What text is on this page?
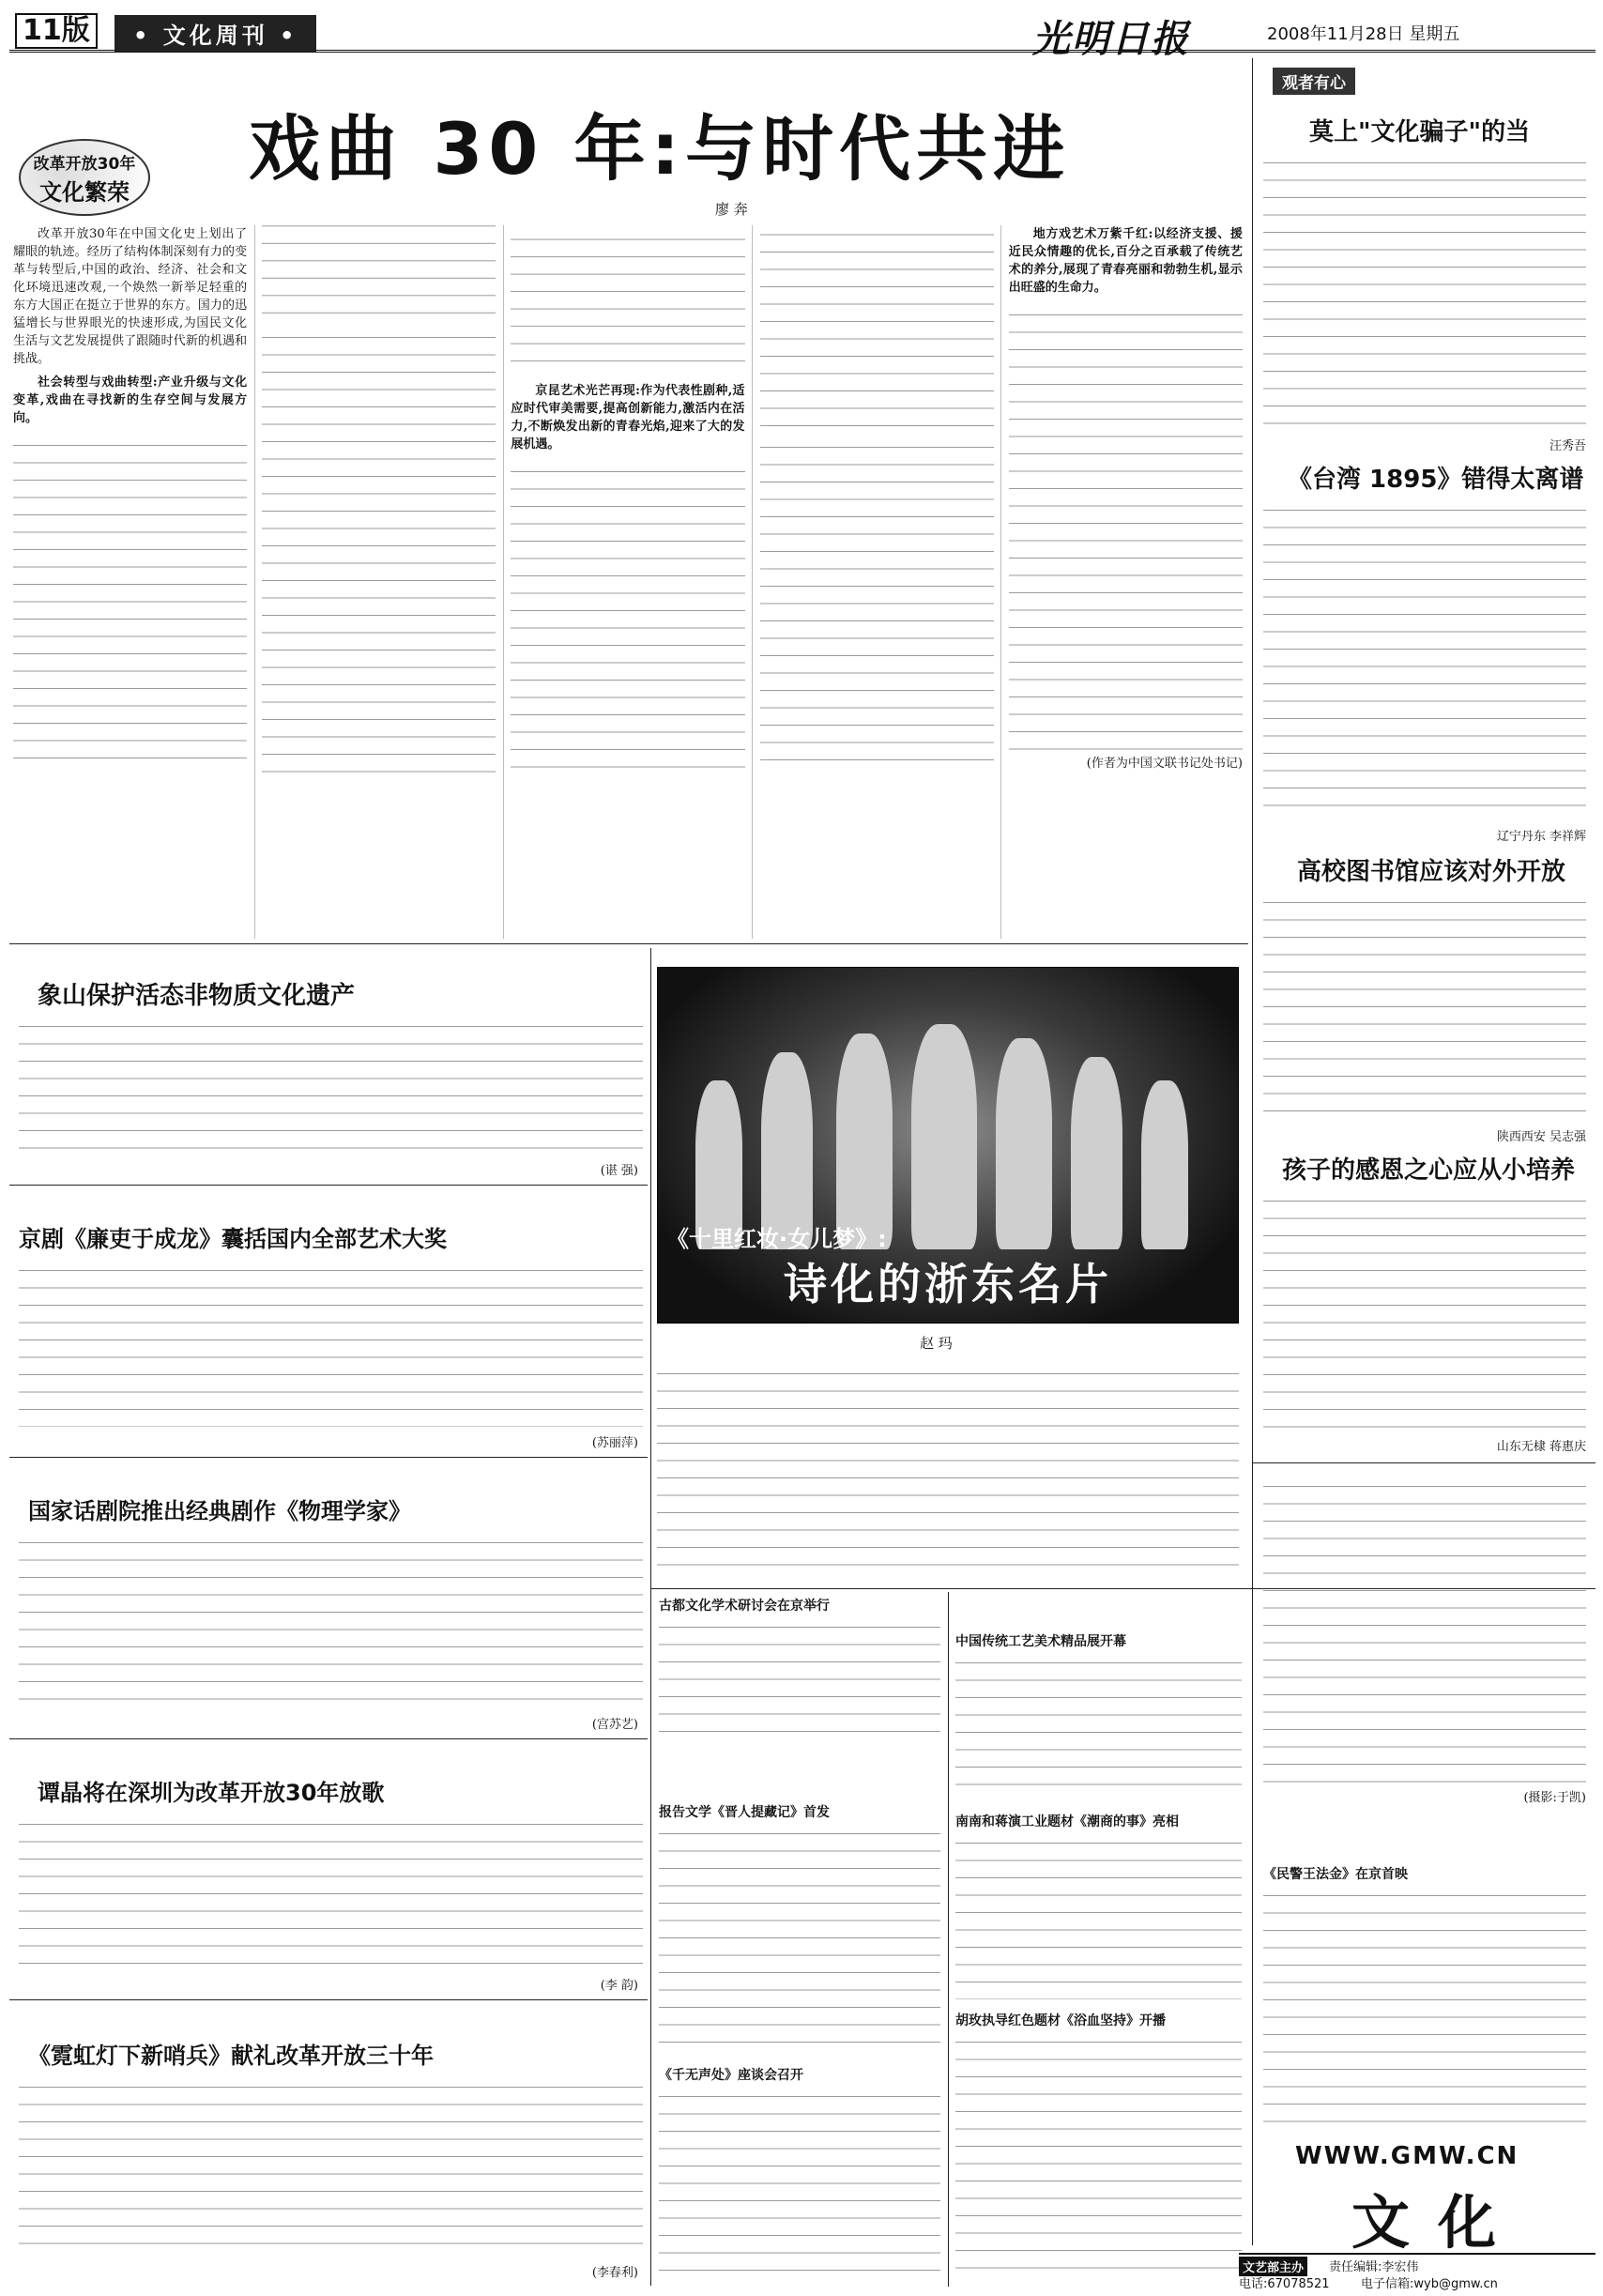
11版	• 文化周刊 •	光明日报	2008年11月28日 星期五
改革开放30年
文化繁荣
戏曲 30 年:与时代共进
廖 奔

改革开放30年在中国文化史上划出了耀眼的轨迹。经历了结构体制深刻有力的变革与转型后,中国的政治、经济、社会和文化环境迅速改观,一个焕然一新举足轻重的东方大国正在挺立于世界的东方。国力的迅猛增长与世界眼光的快速形成,为国民文化生活与文艺发展提供了跟随时代新的机遇和挑战。

社会转型与戏曲转型:产业升级与文化变革,戏曲在寻找新的生存空间与发展方向。

京昆艺术光芒再现:作为代表性剧种,适应时代审美需要,提高创新能力,激活内在活力,不断焕发出新的青春光焰,迎来了大的发展机遇。

地方戏艺术万紫千红:以经济支援、援近民众情趣的优长,百分之百承载了传统艺术的养分,展现了青春亮丽和勃勃生机,显示出旺盛的生命力。

(作者为中国文联书记处书记)

观者有心
莫上"文化骗子"的当
汪秀吾
《台湾 1895》错得太离谱
辽宁丹东 李祥辉
高校图书馆应该对外开放
陕西西安 吴志强
孩子的感恩之心应从小培养
山东无棣 蒋惠庆
象山保护活态非物质文化遗产
(谌 强)
京剧《廉吏于成龙》囊括国内全部艺术大奖
(苏丽萍)
国家话剧院推出经典剧作《物理学家》
(宫苏艺)
谭晶将在深圳为改革开放30年放歌
(李 韵)
《霓虹灯下新哨兵》献礼改革开放三十年
(李春利)
《十里红妆·女儿梦》:
诗化的浙东名片
赵 玛
(摄影:于凯)
古都文化学术研讨会在京举行
报告文学《晋人提藏记》首发
《千无声处》座谈会召开
中国传统工艺美术精品展开幕
南南和蒋演工业题材《潮商的事》亮相
胡玫执导红色题材《浴血坚持》开播
《民警王法金》在京首映
WWW.GMW.CN
文化
文艺部主办	责任编辑:李宏伟
电话:67078521	电子信箱:wyb@gmw.cn
